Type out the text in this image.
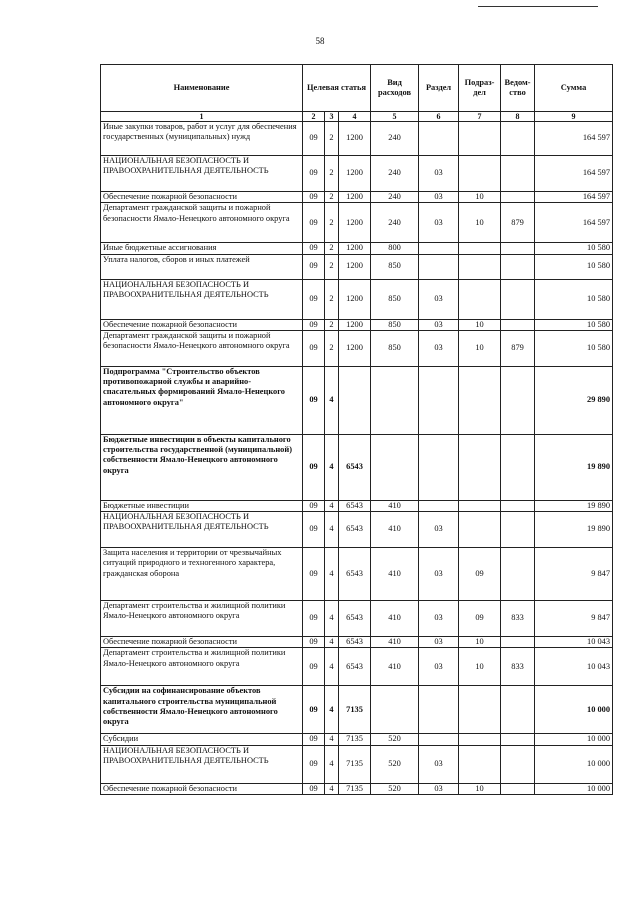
58
Наименование	Целевая статья			Вид расходов	Раздел	Подраз-дел	Ведом-ство	Сумма
1	2	3	4	5	6	7	8	9
Иные закупки товаров, работ и услуг для обеспечения государственных (муниципальных) нужд	09	2	1200	240				164 597
НАЦИОНАЛЬНАЯ БЕЗОПАСНОСТЬ И ПРАВООХРАНИТЕЛЬНАЯ ДЕЯТЕЛЬНОСТЬ	09	2	1200	240	03			164 597
Обеспечение пожарной безопасности	09	2	1200	240	03	10		164 597
Департамент гражданской защиты и пожарной безопасности Ямало-Ненецкого автономного округа	09	2	1200	240	03	10	879	164 597
Иные бюджетные ассигнования	09	2	1200	800				10 580
Уплата налогов, сборов и иных платежей	09	2	1200	850				10 580
НАЦИОНАЛЬНАЯ БЕЗОПАСНОСТЬ И ПРАВООХРАНИТЕЛЬНАЯ ДЕЯТЕЛЬНОСТЬ	09	2	1200	850	03			10 580
Обеспечение пожарной безопасности	09	2	1200	850	03	10		10 580
Департамент гражданской защиты и пожарной безопасности Ямало-Ненецкого автономного округа	09	2	1200	850	03	10	879	10 580
Подпрограмма "Строительство объектов противопожарной службы и аварийно-спасательных формирований Ямало-Ненецкого автономного округа"	09	4						29 890
Бюджетные инвестиции в объекты капитального строительства государственной (муниципальной) собственности Ямало-Ненецкого автономного округа	09	4	6543					19 890
Бюджетные инвестиции	09	4	6543	410				19 890
НАЦИОНАЛЬНАЯ БЕЗОПАСНОСТЬ И ПРАВООХРАНИТЕЛЬНАЯ ДЕЯТЕЛЬНОСТЬ	09	4	6543	410	03			19 890
Защита населения и территории от чрезвычайных ситуаций природного и техногенного характера, гражданская оборона	09	4	6543	410	03	09		9 847
Департамент строительства и жилищной политики Ямало-Ненецкого автономного округа	09	4	6543	410	03	09	833	9 847
Обеспечение пожарной безопасности	09	4	6543	410	03	10		10 043
Департамент строительства и жилищной политики Ямало-Ненецкого автономного округа	09	4	6543	410	03	10	833	10 043
Субсидии на софинансирование объектов капитального строительства муниципальной собственности Ямало-Ненецкого автономного округа	09	4	7135					10 000
Субсидии	09	4	7135	520				10 000
НАЦИОНАЛЬНАЯ БЕЗОПАСНОСТЬ И ПРАВООХРАНИТЕЛЬНАЯ ДЕЯТЕЛЬНОСТЬ	09	4	7135	520	03			10 000
Обеспечение пожарной безопасности	09	4	7135	520	03	10		10 000
